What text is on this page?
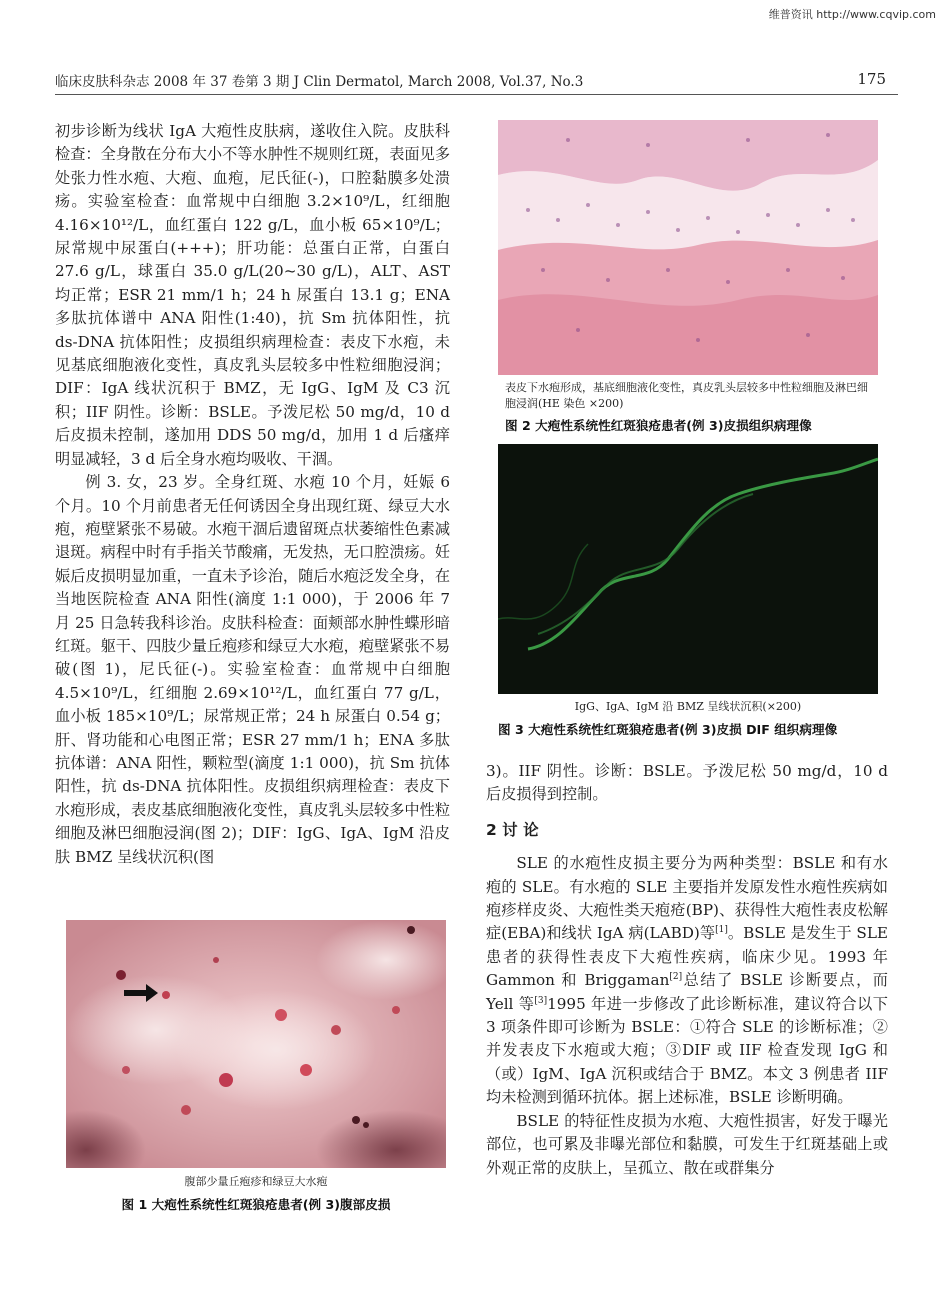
维普资讯 http://www.cqvip.com
临床皮肤科杂志 2008 年 37 卷第 3 期 J Clin Dermatol, March 2008, Vol.37, No.3	175

初步诊断为线状 IgA 大疱性皮肤病，遂收住入院。皮肤科检查：全身散在分布大小不等水肿性不规则红斑，表面见多处张力性水疱、大疱、血疱，尼氏征(-)，口腔黏膜多处溃疡。实验室检查：血常规中白细胞 3.2×10⁹/L，红细胞 4.16×10¹²/L，血红蛋白 122 g/L，血小板 65×10⁹/L；尿常规中尿蛋白(+++)；肝功能：总蛋白正常，白蛋白 27.6 g/L，球蛋白 35.0 g/L(20~30 g/L)，ALT、AST 均正常；ESR 21 mm/1 h；24 h 尿蛋白 13.1 g；ENA 多肽抗体谱中 ANA 阳性(1:40)，抗 Sm 抗体阳性，抗 ds-DNA 抗体阳性；皮损组织病理检查：表皮下水疱，未见基底细胞液化变性，真皮乳头层较多中性粒细胞浸润；DIF：IgA 线状沉积于 BMZ，无 IgG、IgM 及 C3 沉积；IIF 阴性。诊断：BSLE。予泼尼松 50 mg/d，10 d 后皮损未控制，遂加用 DDS 50 mg/d，加用 1 d 后瘙痒明显减轻，3 d 后全身水疱均吸收、干涸。

例 3. 女，23 岁。全身红斑、水疱 10 个月，妊娠 6 个月。10 个月前患者无任何诱因全身出现红斑、绿豆大水疱，疱壁紧张不易破。水疱干涸后遗留斑点状萎缩性色素减退斑。病程中时有手指关节酸痛，无发热，无口腔溃疡。妊娠后皮损明显加重，一直未予诊治，随后水疱泛发全身，在当地医院检查 ANA 阳性(滴度 1:1 000)，于 2006 年 7 月 25 日急转我科诊治。皮肤科检查：面颊部水肿性蝶形暗红斑。躯干、四肢少量丘疱疹和绿豆大水疱，疱壁紧张不易破(图 1)，尼氏征(-)。实验室检查：血常规中白细胞 4.5×10⁹/L，红细胞 2.69×10¹²/L，血红蛋白 77 g/L，血小板 185×10⁹/L；尿常规正常；24 h 尿蛋白 0.54 g；肝、肾功能和心电图正常；ESR 27 mm/1 h；ENA 多肽抗体谱：ANA 阳性，颗粒型(滴度 1:1 000)，抗 Sm 抗体阳性，抗 ds-DNA 抗体阳性。皮损组织病理检查：表皮下水疱形成，表皮基底细胞液化变性，真皮乳头层较多中性粒细胞及淋巴细胞浸润(图 2)；DIF：IgG、IgA、IgM 沿皮肤 BMZ 呈线状沉积(图

腹部少量丘疱疹和绿豆大水疱
图 1 大疱性系统性红斑狼疮患者(例 3)腹部皮损
表皮下水疱形成，基底细胞液化变性，真皮乳头层较多中性粒细胞及淋巴细胞浸润(HE 染色 ×200)
图 2 大疱性系统性红斑狼疮患者(例 3)皮损组织病理像
IgG、IgA、IgM 沿 BMZ 呈线状沉积(×200)
图 3 大疱性系统性红斑狼疮患者(例 3)皮损 DIF 组织病理像

3)。IIF 阴性。诊断：BSLE。予泼尼松 50 mg/d，10 d 后皮损得到控制。

2 讨 论

SLE 的水疱性皮损主要分为两种类型：BSLE 和有水疱的 SLE。有水疱的 SLE 主要指并发原发性水疱性疾病如疱疹样皮炎、大疱性类天疱疮(BP)、获得性大疱性表皮松解症(EBA)和线状 IgA 病(LABD)等[1]。BSLE 是发生于 SLE 患者的获得性表皮下大疱性疾病，临床少见。1993 年 Gammon 和 Briggaman[2]总结了 BSLE 诊断要点，而 Yell 等[3]1995 年进一步修改了此诊断标准，建议符合以下 3 项条件即可诊断为 BSLE：①符合 SLE 的诊断标准；②并发表皮下水疱或大疱；③DIF 或 IIF 检查发现 IgG 和（或）IgM、IgA 沉积或结合于 BMZ。本文 3 例患者 IIF 均未检测到循环抗体。据上述标准，BSLE 诊断明确。

BSLE 的特征性皮损为水疱、大疱性损害，好发于曝光部位，也可累及非曝光部位和黏膜，可发生于红斑基础上或外观正常的皮肤上，呈孤立、散在或群集分
